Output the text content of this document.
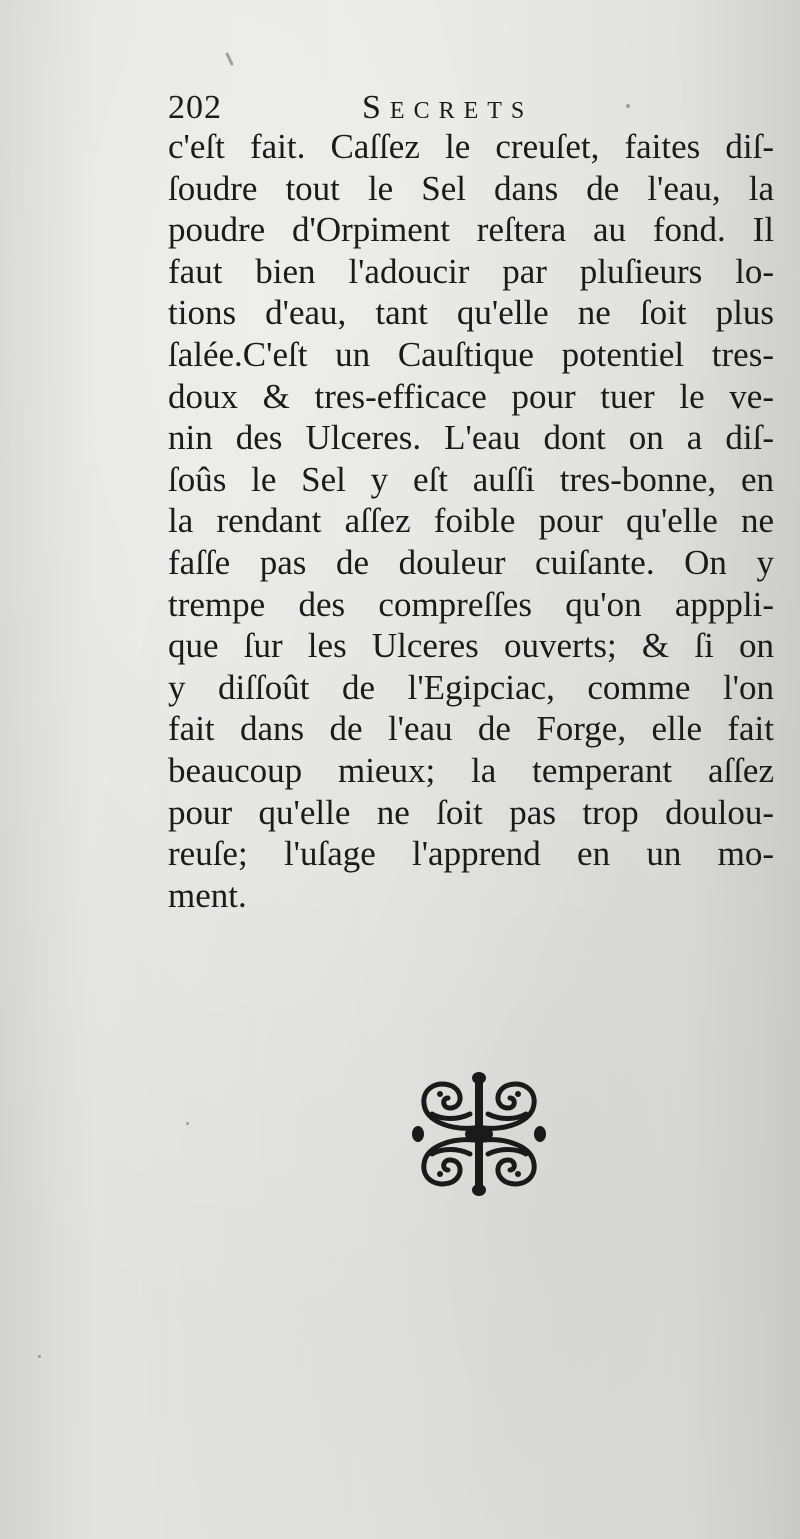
202	Secrets
c'eſt fait. Caſſez le creuſet, faites diſ-
ſoudre tout le Sel dans de l'eau, la
poudre d'Orpiment reſtera au fond. Il
faut bien l'adoucir par pluſieurs lo-
tions d'eau, tant qu'elle ne ſoit plus
ſalée.C'eſt un Cauſtique potentiel tres-
doux & tres-efficace pour tuer le ve-
nin des Ulceres. L'eau dont on a diſ-
ſoûs le Sel y eſt auſſi tres-bonne, en
la rendant aſſez foible pour qu'elle ne
faſſe pas de douleur cuiſante. On y
trempe des compreſſes qu'on apppli-
que ſur les Ulceres ouverts; & ſi on
y diſſoût de l'Egipciac, comme l'on
fait dans de l'eau de Forge, elle fait
beaucoup mieux; la temperant aſſez
pour qu'elle ne ſoit pas trop doulou-
reuſe; l'uſage l'apprend en un mo-
ment.
